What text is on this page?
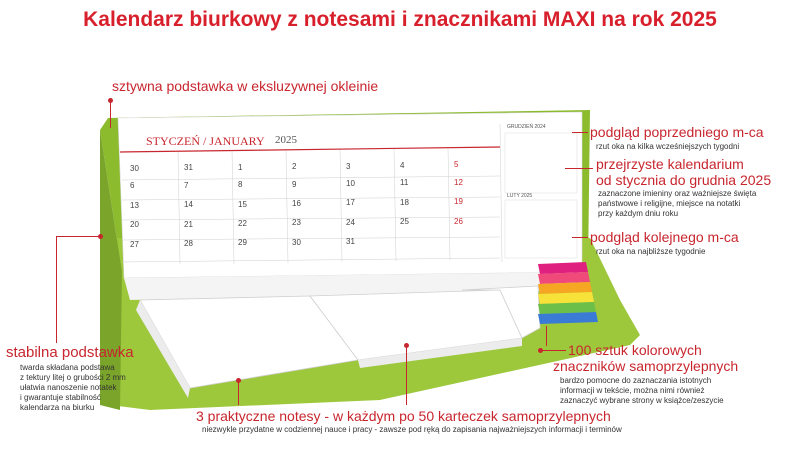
Kalendarz biurkowy z notesami i znacznikami MAXI na rok 2025
STYCZEŃ / JANUARY 2025
GRUDZIEŃ 2024
LUTY 2025
30	31	1	2	3	4	5
6	7	8	9	10	11	12
13	14	15	16	17	18	19
20	21	22	23	24	25	26
27	28	29	30	31
sztywna podstawka w eksluzywnej okleinie
podgląd poprzedniego m-ca
rzut oka na kilka wcześniejszych tygodni
przejrzyste kalendarium
od stycznia do grudnia 2025
zaznaczone imieniny oraz ważniejsze święta
państwowe i religijne, miejsce na notatki
przy każdym dniu roku
podgląd kolejnego m-ca
rzut oka na najbliższe tygodnie
stabilna podstawka
twarda składana podstawa
z tektury litej o grubości 2 mm
ułatwia nanoszenie notatek
i gwarantuje stabilność
kalendarza na biurku
100 sztuk kolorowych
znaczników samoprzylepnych
bardzo pomocne do zaznaczania istotnych
informacji w tekście, można nimi również
zaznaczyć wybrane strony w książce/zeszycie
3 praktyczne notesy - w każdym po 50 karteczek samoprzylepnych
niezwykle przydatne w codziennej nauce i pracy - zawsze pod ręką do zapisania najważniejszych informacji i terminów
